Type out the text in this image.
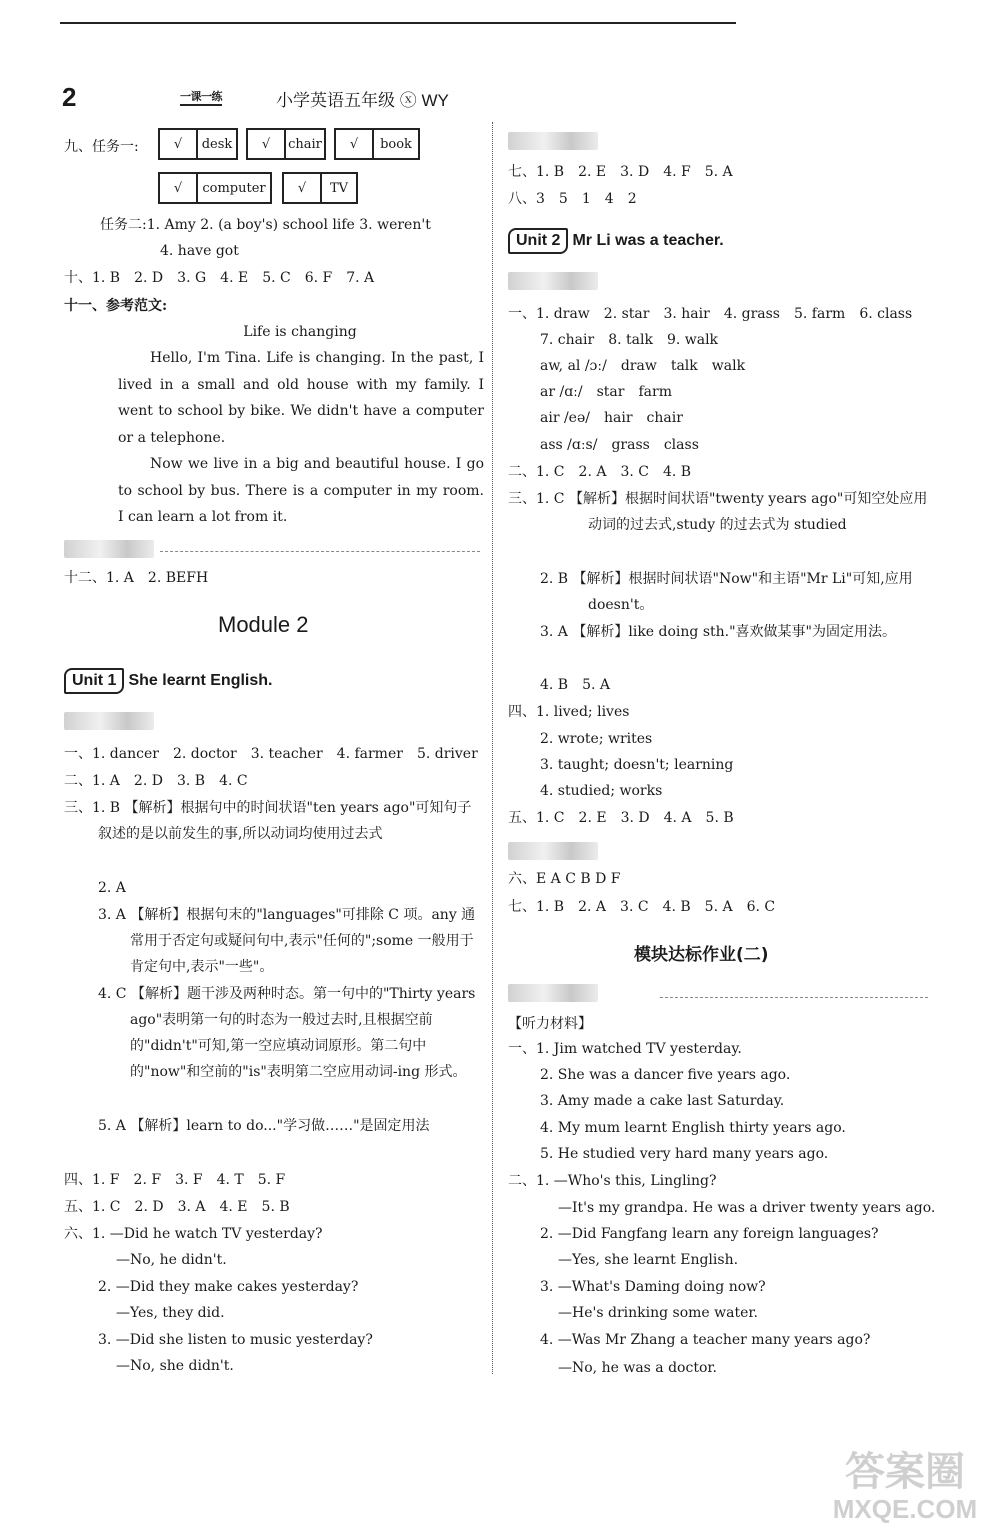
2	一课一练	小学英语五年级 ⓧ WY
九、任务一:	√	desk	√	chair	√	book
√	computer	√	TV
任务二:1. Amy 2. (a boy's) school life 3. weren't
4. have got
十、1. B 2. D 3. G 4. E 5. C 6. F 7. A
十一、参考范文:
Life is changing
Hello, I'm Tina. Life is changing. In the past, I lived in a small and old house with my family. I went to school by bike. We didn't have a computer or a telephone.
Now we live in a big and beautiful house. I go to school by bus. There is a computer in my room. I can learn a lot from it.
十二、1. A 2. BEFH
Module 2
Unit 1 She learnt English.
一、1. dancer 2. doctor 3. teacher 4. farmer 5. driver
二、1. A 2. D 3. B 4. C
三、1. B 【解析】根据句中的时间状语"ten years ago"可知句子叙述的是以前发生的事,所以动词均使用过去式
2. A
3. A 【解析】根据句末的"languages"可排除 C 项。any 通常用于否定句或疑问句中,表示"任何的";some 一般用于肯定句中,表示"一些"。
4. C 【解析】题干涉及两种时态。第一句中的"Thirty years ago"表明第一句的时态为一般过去时,且根据空前的"didn't"可知,第一空应填动词原形。第二句中的"now"和空前的"is"表明第二空应用动词-ing 形式。
5. A 【解析】learn to do..."学习做……"是固定用法
四、1. F 2. F 3. F 4. T 5. F
五、1. C 2. D 3. A 4. E 5. B
六、1. —Did he watch TV yesterday?
—No, he didn't.
2. —Did they make cakes yesterday?
—Yes, they did.
3. —Did she listen to music yesterday?
—No, she didn't.
七、1. B 2. E 3. D 4. F 5. A
八、3 5 1 4 2
Unit 2 Mr Li was a teacher.
一、1. draw 2. star 3. hair 4. grass 5. farm 6. class
7. chair 8. talk 9. walk
aw, al /ɔː/ draw talk walk
ar /ɑː/ star farm
air /eə/ hair chair
ass /ɑːs/ grass class
二、1. C 2. A 3. C 4. B
三、1. C 【解析】根据时间状语"twenty years ago"可知空处应用动词的过去式,study 的过去式为 studied
2. B 【解析】根据时间状语"Now"和主语"Mr Li"可知,应用 doesn't。
3. A 【解析】like doing sth."喜欢做某事"为固定用法。
4. B 5. A
四、1. lived; lives
2. wrote; writes
3. taught; doesn't; learning
4. studied; works
五、1. C 2. E 3. D 4. A 5. B
六、E A C B D F
七、1. B 2. A 3. C 4. B 5. A 6. C
模块达标作业(二)
【听力材料】
一、1. Jim watched TV yesterday.
2. She was a dancer five years ago.
3. Amy made a cake last Saturday.
4. My mum learnt English thirty years ago.
5. He studied very hard many years ago.
二、1. —Who's this, Lingling?
—It's my grandpa. He was a driver twenty years ago.
2. —Did Fangfang learn any foreign languages?
—Yes, she learnt English.
3. —What's Daming doing now?
—He's drinking some water.
4. —Was Mr Zhang a teacher many years ago?
—No, he was a doctor.
答案圈
MXQE.COM
